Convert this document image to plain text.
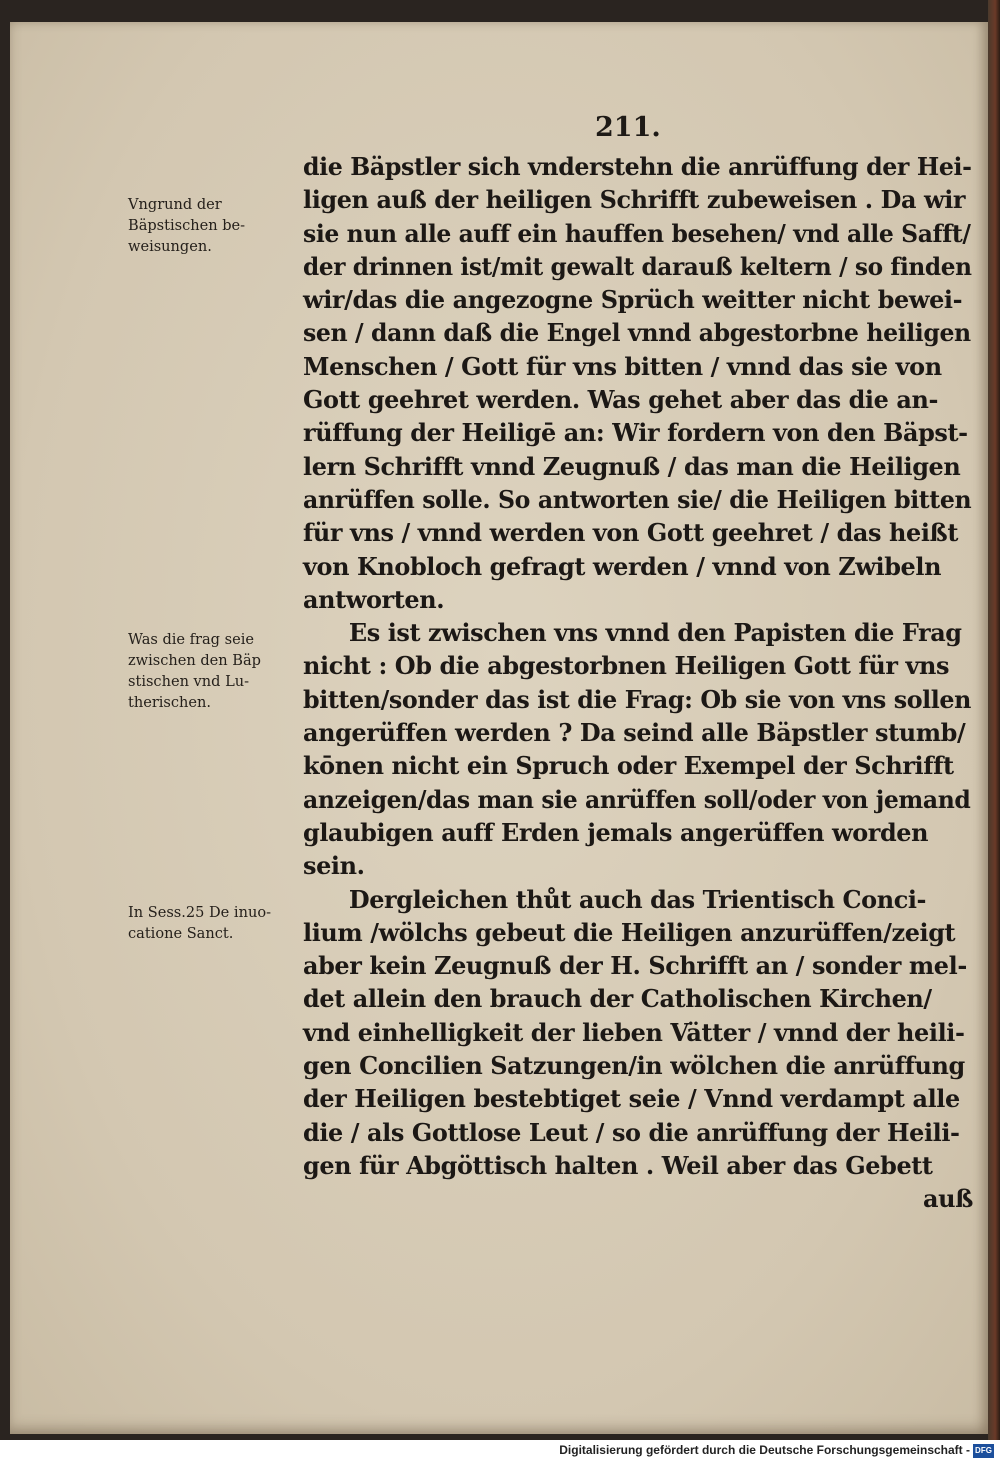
211.
Vngrund der
Bäpstischen be-
weisungen.
Was die frag seie
zwischen den Bäp
stischen vnd Lu-
therischen.
In Sess.25 De inuo-
catione Sanct.
die Bäpstler sich vnderstehn die anrüffung der Hei-
ligen auß der heiligen Schrifft zubeweisen . Da wir
sie nun alle auff ein hauffen besehen/ vnd alle Safft/
der drinnen ist/mit gewalt darauß keltern / so finden
wir/das die angezogne Sprüch weitter nicht bewei-
sen / dann daß die Engel vnnd abgestorbne heiligen
Menschen / Gott für vns bitten / vnnd das sie von
Gott geehret werden. Was gehet aber das die an-
rüffung der Heiligē an: Wir fordern von den Bäpst-
lern Schrifft vnnd Zeugnuß / das man die Heiligen
anrüffen solle. So antworten sie/ die Heiligen bitten
für vns / vnnd werden von Gott geehret / das heißt
von Knobloch gefragt werden / vnnd von Zwibeln
antworten.
Es ist zwischen vns vnnd den Papisten die Frag
nicht : Ob die abgestorbnen Heiligen Gott für vns
bitten/sonder das ist die Frag: Ob sie von vns sollen
angerüffen werden ? Da seind alle Bäpstler stumb/
kōnen nicht ein Spruch oder Exempel der Schrifft
anzeigen/das man sie anrüffen soll/oder von jemand
glaubigen auff Erden jemals angerüffen worden
sein.
Dergleichen thůt auch das Trientisch Conci-
lium /wölchs gebeut die Heiligen anzurüffen/zeigt
aber kein Zeugnuß der H. Schrifft an / sonder mel-
det allein den brauch der Catholischen Kirchen/
vnd einhelligkeit der lieben Vätter / vnnd der heili-
gen Concilien Satzungen/in wölchen die anrüffung
der Heiligen bestebtiget seie / Vnnd verdampt alle
die / als Gottlose Leut / so die anrüffung der Heili-
gen für Abgöttisch halten . Weil aber das Gebett
auß
Digitalisierung gefördert durch die Deutsche Forschungsgemeinschaft - DFG
